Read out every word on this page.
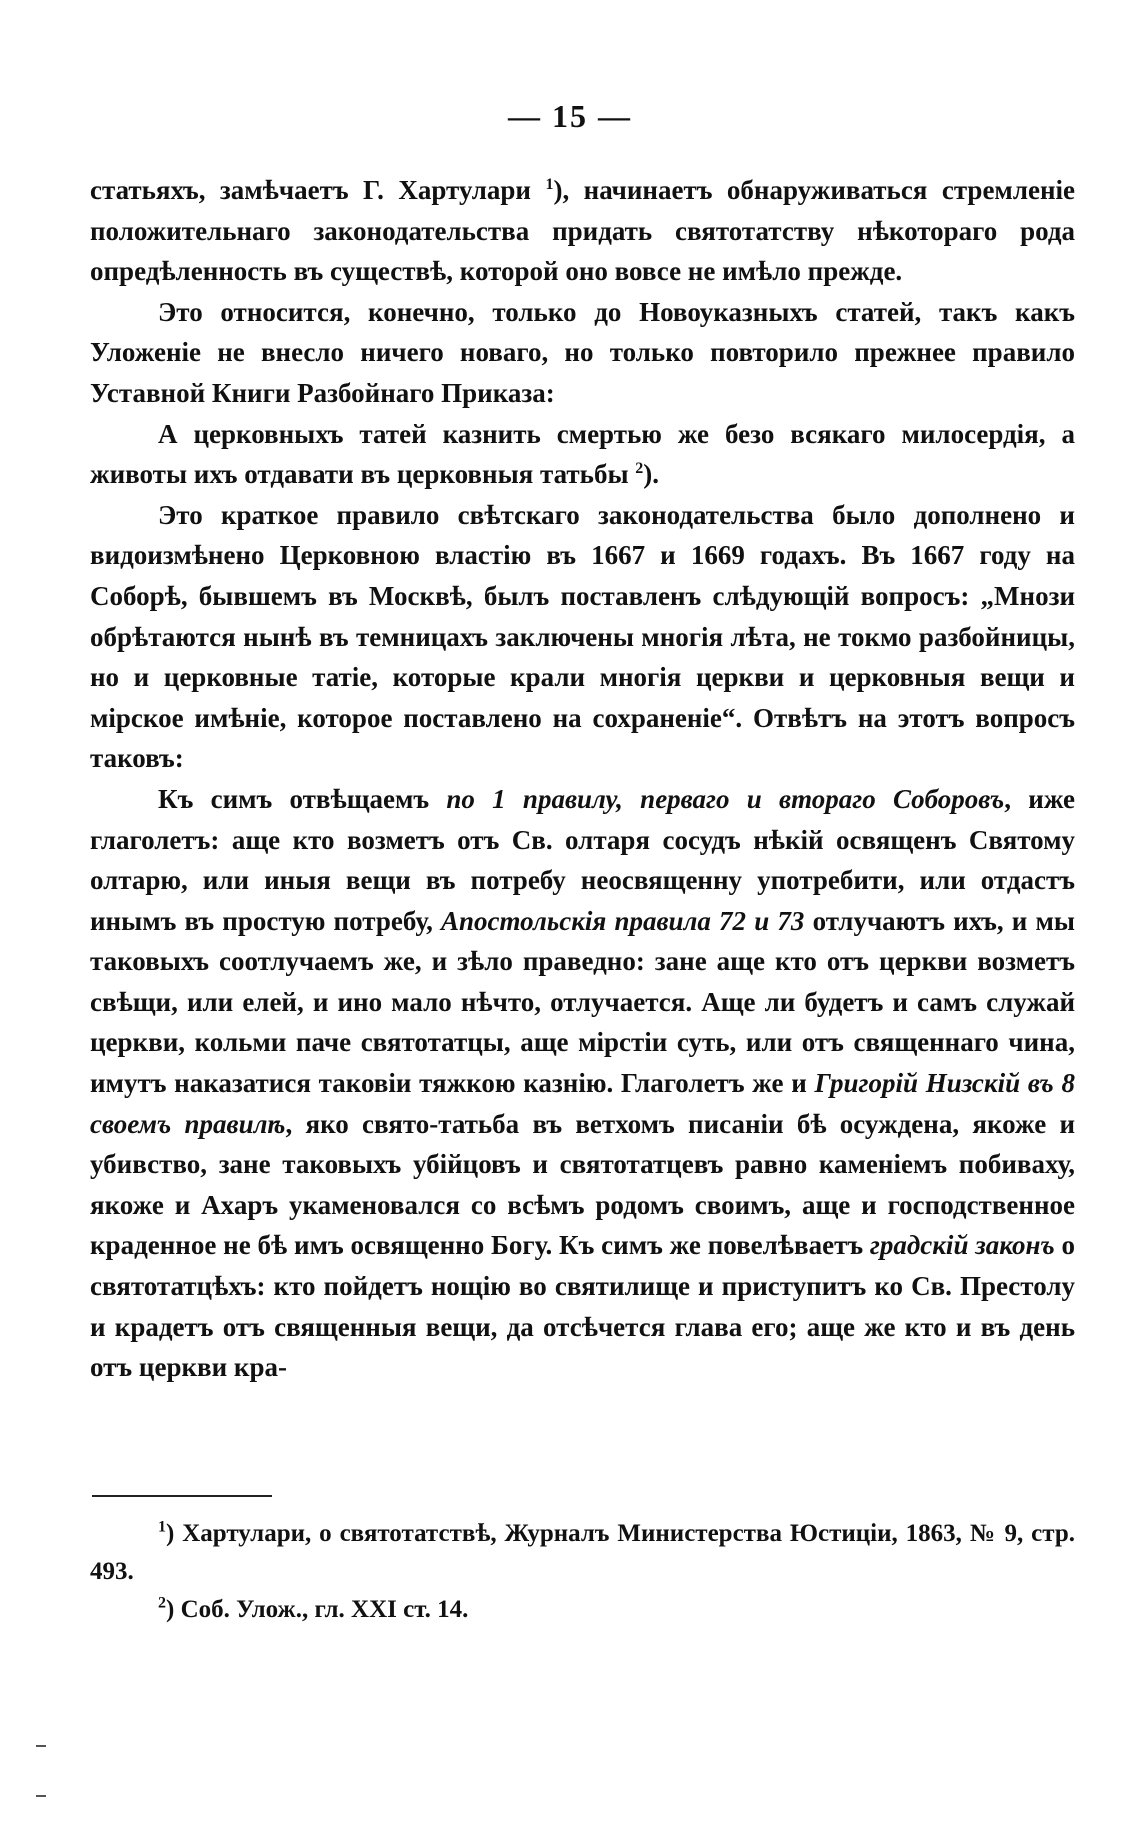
— 15 —

статьяхъ, замѣчаетъ Г. Хартулари $^1$), начинаетъ обнаруживаться стремленіе положительнаго законодательства придать святотатству нѣкотораго рода опредѣленность въ существѣ, которой оно вовсе не имѣло прежде.

Это относится, конечно, только до Новоуказныхъ статей, такъ какъ Уложеніе не внесло ничего новаго, но только повторило прежнее правило Уставной Книги Разбойнаго Приказа:

А церковныхъ татей казнить смертью же безо всякаго милосердія, а животы ихъ отдавати въ церковныя татьбы $^2$).

Это краткое правило свѣтскаго законодательства было дополнено и видоизмѣнено Церковною властію въ 1667 и 1669 годахъ. Въ 1667 году на Соборѣ, бывшемъ въ Москвѣ, былъ поставленъ слѣдующій вопросъ: „Мнози обрѣтаются нынѣ въ темницахъ заключены многія лѣта, не токмо разбойницы, но и церковные татіе, которые крали многія церкви и церковныя вещи и мірское имѣніе, которое поставлено на сохраненіе“. Отвѣтъ на этотъ вопросъ таковъ:

Къ симъ отвѣщаемъ по 1 правилу, перваго и втораго Соборовъ, иже глаголетъ: аще кто возметъ отъ Св. олтаря сосудъ нѣкій освященъ Святому олтарю, или иныя вещи въ потребу неосвященну употребити, или отдастъ инымъ въ простую потребу, Апостольскія правила 72 и 73 отлучаютъ ихъ, и мы таковыхъ соотлучаемъ же, и зѣло праведно: зане аще кто отъ церкви возметъ свѣщи, или елей, и ино мало нѣчто, отлучается. Аще ли будетъ и самъ служай церкви, кольми паче святотатцы, аще мірстіи суть, или отъ священнаго чина, имутъ наказатися таковіи тяжкою казнію. Глаголетъ же и Григорій Низскій въ 8 своемъ правилѣ, яко свято-татьба въ ветхомъ писаніи бѣ осуждена, якоже и убивство, зане таковыхъ убійцовъ и святотатцевъ равно каменіемъ побиваху, якоже и Ахаръ укаменовался со всѣмъ родомъ своимъ, аще и господственное краденное не бѣ имъ освященно Богу. Къ симъ же повелѣваетъ градскій законъ о святотатцѣхъ: кто пойдетъ нощію во святилище и приступитъ ко Св. Престолу и крадетъ отъ священныя вещи, да отсѣчется глава его; аще же кто и въ день отъ церкви кра-

$^1$) Хартулари, о святотатствѣ, Журналъ Министерства Юстиціи, 1863, № 9, стр. 493.

$^2$) Соб. Улож., гл. XXI ст. 14.
